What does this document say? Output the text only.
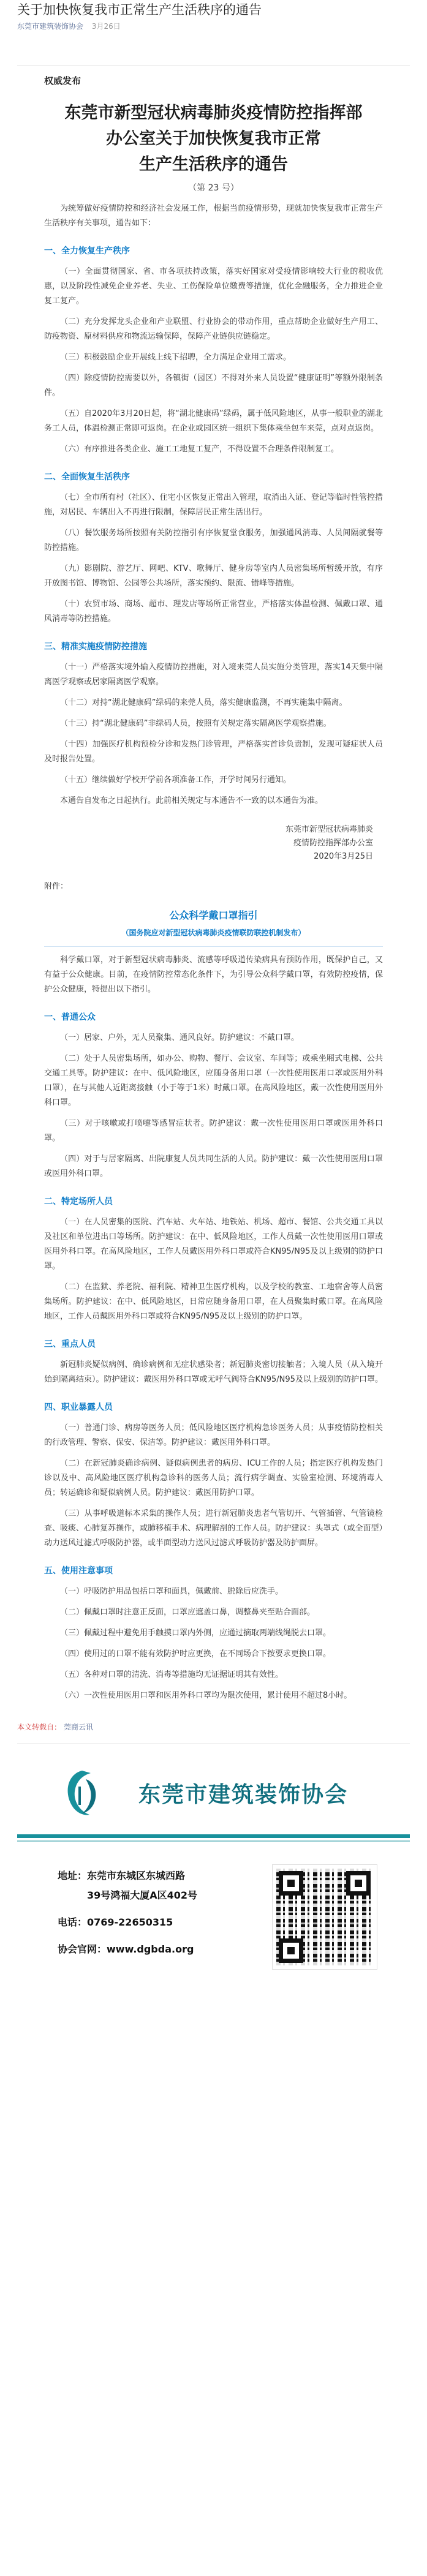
关于加快恢复我市正常生产生活秩序的通告
东莞市建筑装饰协会 3月26日
权威发布
东莞市新型冠状病毒肺炎疫情防控指挥部
办公室关于加快恢复我市正常
生产生活秩序的通告
（第 23 号）

为统筹做好疫情防控和经济社会发展工作，根据当前疫情形势，现就加快恢复我市正常生产生活秩序有关事项，通告如下：

一、全力恢复生产秩序

（一）全面贯彻国家、省、市各项扶持政策，落实好国家对受疫情影响较大行业的税收优惠，以及阶段性减免企业养老、失业、工伤保险单位缴费等措施，优化金融服务，全力推进企业复工复产。

（二）充分发挥龙头企业和产业联盟、行业协会的带动作用，重点帮助企业做好生产用工、防疫物资、原材料供应和物流运输保障，保障产业链供应链稳定。

（三）积极鼓励企业开展线上线下招聘，全力满足企业用工需求。

（四）除疫情防控需要以外，各镇街（园区）不得对外来人员设置“健康证明”等额外限制条件。

（五）自2020年3月20日起，将“湖北健康码”绿码，属于低风险地区，从事一般职业的湖北务工人员，体温检测正常即可返岗。在企业或园区统一组织下集体乘坐包车来莞，点对点返岗。

（六）有序推进各类企业、施工工地复工复产，不得设置不合理条件限制复工。

二、全面恢复生活秩序

（七）全市所有村（社区）、住宅小区恢复正常出入管理，取消出入证、登记等临时性管控措施，对居民、车辆出入不再进行限制，保障居民正常生活出行。

（八）餐饮服务场所按照有关防控指引有序恢复堂食服务，加强通风消毒、人员间隔就餐等防控措施。

（九）影剧院、游艺厅、网吧、KTV、歌舞厅、健身房等室内人员密集场所暂缓开放，有序开放图书馆、博物馆、公园等公共场所，落实预约、限流、错峰等措施。

（十）农贸市场、商场、超市、理发店等场所正常营业，严格落实体温检测、佩戴口罩、通风消毒等防控措施。

三、精准实施疫情防控措施

（十一）严格落实境外输入疫情防控措施，对入境来莞人员实施分类管理，落实14天集中隔离医学观察或居家隔离医学观察。

（十二）对持“湖北健康码”绿码的来莞人员，落实健康监测，不再实施集中隔离。

（十三）持“湖北健康码”非绿码人员，按照有关规定落实隔离医学观察措施。

（十四）加强医疗机构预检分诊和发热门诊管理，严格落实首诊负责制，发现可疑症状人员及时报告处置。

（十五）继续做好学校开学前各项准备工作，开学时间另行通知。

本通告自发布之日起执行。此前相关规定与本通告不一致的以本通告为准。

东莞市新型冠状病毒肺炎
疫情防控指挥部办公室
2020年3月25日
附件：
公众科学戴口罩指引
（国务院应对新型冠状病毒肺炎疫情联防联控机制发布）

科学戴口罩，对于新型冠状病毒肺炎、流感等呼吸道传染病具有预防作用，既保护自己，又有益于公众健康。目前，在疫情防控常态化条件下，为引导公众科学戴口罩，有效防控疫情，保护公众健康，特提出以下指引。

一、普通公众

（一）居家、户外，无人员聚集、通风良好。防护建议：不戴口罩。

（二）处于人员密集场所，如办公、购物、餐厅、会议室、车间等；或乘坐厢式电梯、公共交通工具等。防护建议：在中、低风险地区，应随身备用口罩（一次性使用医用口罩或医用外科口罩），在与其他人近距离接触（小于等于1米）时戴口罩。在高风险地区，戴一次性使用医用外科口罩。

（三）对于咳嗽或打喷嚏等感冒症状者。防护建议：戴一次性使用医用口罩或医用外科口罩。

（四）对于与居家隔离、出院康复人员共同生活的人员。防护建议：戴一次性使用医用口罩或医用外科口罩。

二、特定场所人员

（一）在人员密集的医院、汽车站、火车站、地铁站、机场、超市、餐馆、公共交通工具以及社区和单位进出口等场所。防护建议：在中、低风险地区，工作人员戴一次性使用医用口罩或医用外科口罩。在高风险地区，工作人员戴医用外科口罩或符合KN95/N95及以上级别的防护口罩。

（二）在监狱、养老院、福利院、精神卫生医疗机构，以及学校的教室、工地宿舍等人员密集场所。防护建议：在中、低风险地区，日常应随身备用口罩，在人员聚集时戴口罩。在高风险地区，工作人员戴医用外科口罩或符合KN95/N95及以上级别的防护口罩。

三、重点人员

新冠肺炎疑似病例、确诊病例和无症状感染者；新冠肺炎密切接触者；入境人员（从入境开始到隔离结束）。防护建议：戴医用外科口罩或无呼气阀符合KN95/N95及以上级别的防护口罩。

四、职业暴露人员

（一）普通门诊、病房等医务人员；低风险地区医疗机构急诊医务人员；从事疫情防控相关的行政管理、警察、保安、保洁等。防护建议：戴医用外科口罩。

（二）在新冠肺炎确诊病例、疑似病例患者的病房、ICU工作的人员；指定医疗机构发热门诊以及中、高风险地区医疗机构急诊科的医务人员；流行病学调查、实验室检测、环境消毒人员；转运确诊和疑似病例人员。防护建议：戴医用防护口罩。

（三）从事呼吸道标本采集的操作人员；进行新冠肺炎患者气管切开、气管插管、气管镜检查、吸痰、心肺复苏操作，或肺移植手术、病理解剖的工作人员。防护建议：头罩式（或全面型）动力送风过滤式呼吸防护器，或半面型动力送风过滤式呼吸防护器及防护面屏。

五、使用注意事项

（一）呼吸防护用品包括口罩和面具，佩戴前、脱除后应洗手。

（二）佩戴口罩时注意正反面，口罩应遮盖口鼻，调整鼻夹至贴合面部。

（三）佩戴过程中避免用手触摸口罩内外侧，应通过摘取两端线绳脱去口罩。

（四）使用过的口罩不能有效防护时应更换，在不同场合下按要求更换口罩。

（五）各种对口罩的清洗、消毒等措施均无证据证明其有效性。

（六）一次性使用医用口罩和医用外科口罩均为限次使用，累计使用不超过8小时。

本文转载自： 莞商云讯
东莞市建筑装饰协会
地址：东莞市东城区东城西路
39号鸿福大厦A区402号
电话：0769-22650315
协会官网：www.dgbda.org
